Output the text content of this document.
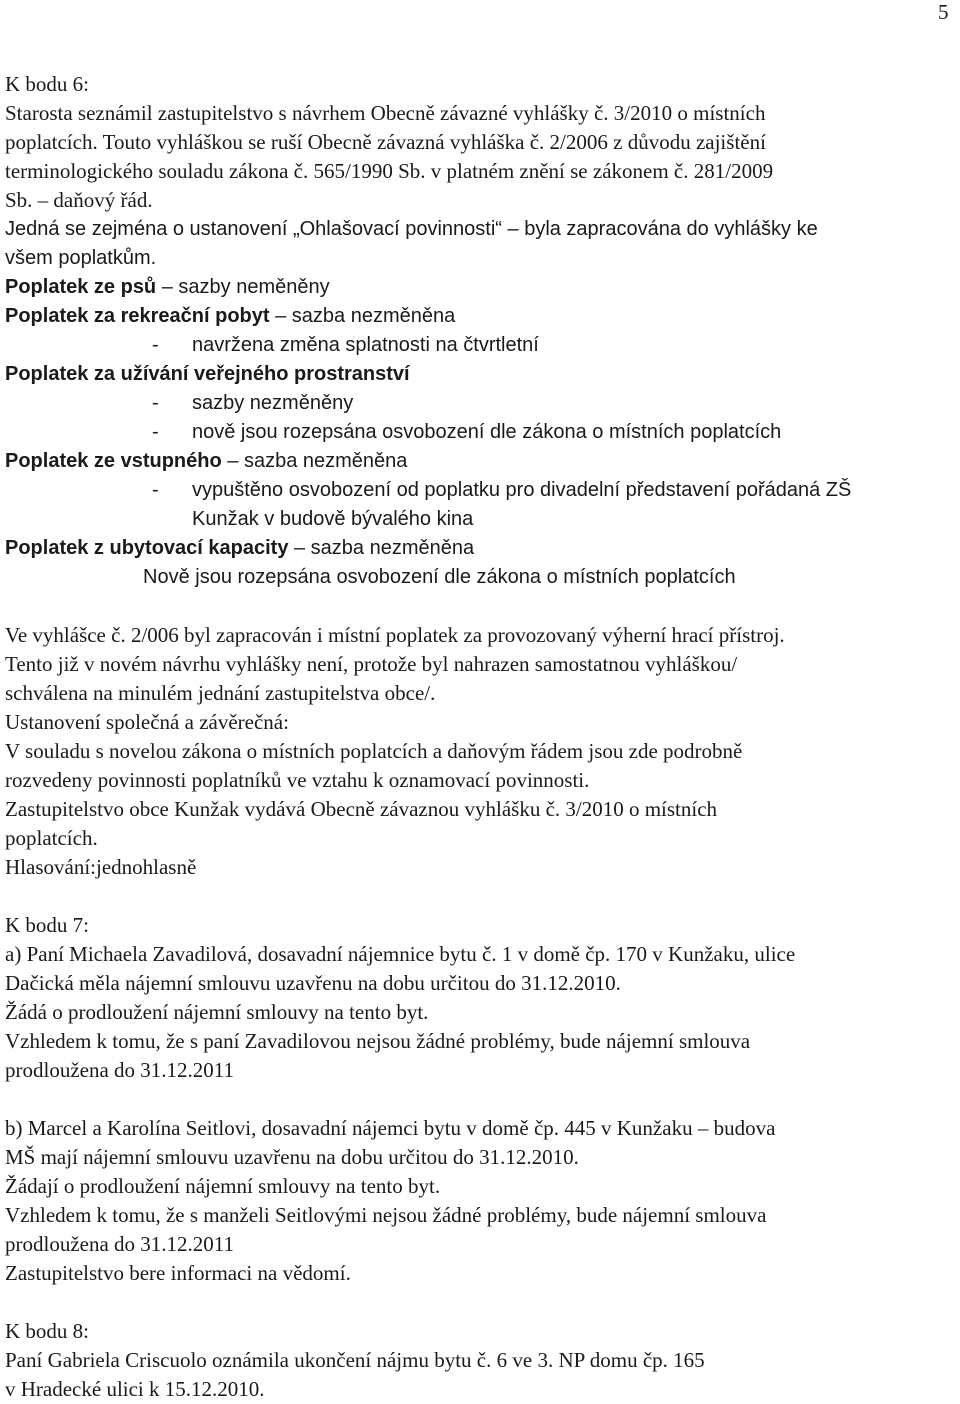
5

K bodu 6:

Starosta seznámil zastupitelstvo s návrhem Obecně závazné vyhlášky č. 3/2010 o místních

poplatcích. Touto vyhláškou se ruší Obecně závazná vyhláška č. 2/2006 z důvodu zajištění

terminologického souladu zákona č. 565/1990 Sb. v platném znění se zákonem č. 281/2009

Sb. – daňový řád.

Jedná se zejména o ustanovení „Ohlašovací povinnosti“ – byla zapracována do vyhlášky ke

všem poplatkům.

Poplatek ze psů – sazby neměněny

Poplatek za rekreační pobyt – sazba nezměněna

- navržena změna splatnosti na čtvrtletní

Poplatek za užívání veřejného prostranství

- sazby nezměněny

- nově jsou rozepsána osvobození dle zákona o místních poplatcích

Poplatek ze vstupného – sazba nezměněna

- vypuštěno osvobození od poplatku pro divadelní představení pořádaná ZŠ

Kunžak v budově bývalého kina

Poplatek z ubytovací kapacity – sazba nezměněna

Nově jsou rozepsána osvobození dle zákona o místních poplatcích

Ve vyhlášce č. 2/006 byl zapracován i místní poplatek za provozovaný výherní hrací přístroj.

Tento již v novém návrhu vyhlášky není, protože byl nahrazen samostatnou vyhláškou/

schválena na minulém jednání zastupitelstva obce/.

Ustanovení společná a závěrečná:

V souladu s novelou zákona o místních poplatcích a daňovým řádem jsou zde podrobně

rozvedeny povinnosti poplatníků ve vztahu k oznamovací povinnosti.

Zastupitelstvo obce Kunžak vydává Obecně závaznou vyhlášku č. 3/2010 o místních

poplatcích.

Hlasování:jednohlasně

K bodu 7:

a) Paní Michaela Zavadilová, dosavadní nájemnice bytu č. 1 v domě čp. 170 v Kunžaku, ulice

Dačická měla nájemní smlouvu uzavřenu na dobu určitou do 31.12.2010.

Žádá o prodloužení nájemní smlouvy na tento byt.

Vzhledem k tomu, že s paní Zavadilovou nejsou žádné problémy, bude nájemní smlouva

prodloužena do 31.12.2011

b) Marcel a Karolína Seitlovi, dosavadní nájemci bytu v domě čp. 445 v Kunžaku – budova

MŠ mají nájemní smlouvu uzavřenu na dobu určitou do 31.12.2010.

Žádají o prodloužení nájemní smlouvy na tento byt.

Vzhledem k tomu, že s manželi Seitlovými nejsou žádné problémy, bude nájemní smlouva

prodloužena do 31.12.2011

Zastupitelstvo bere informaci na vědomí.

K bodu 8:

Paní Gabriela Criscuolo oznámila ukončení nájmu bytu č. 6 ve 3. NP domu čp. 165

v Hradecké ulici k 15.12.2010.
